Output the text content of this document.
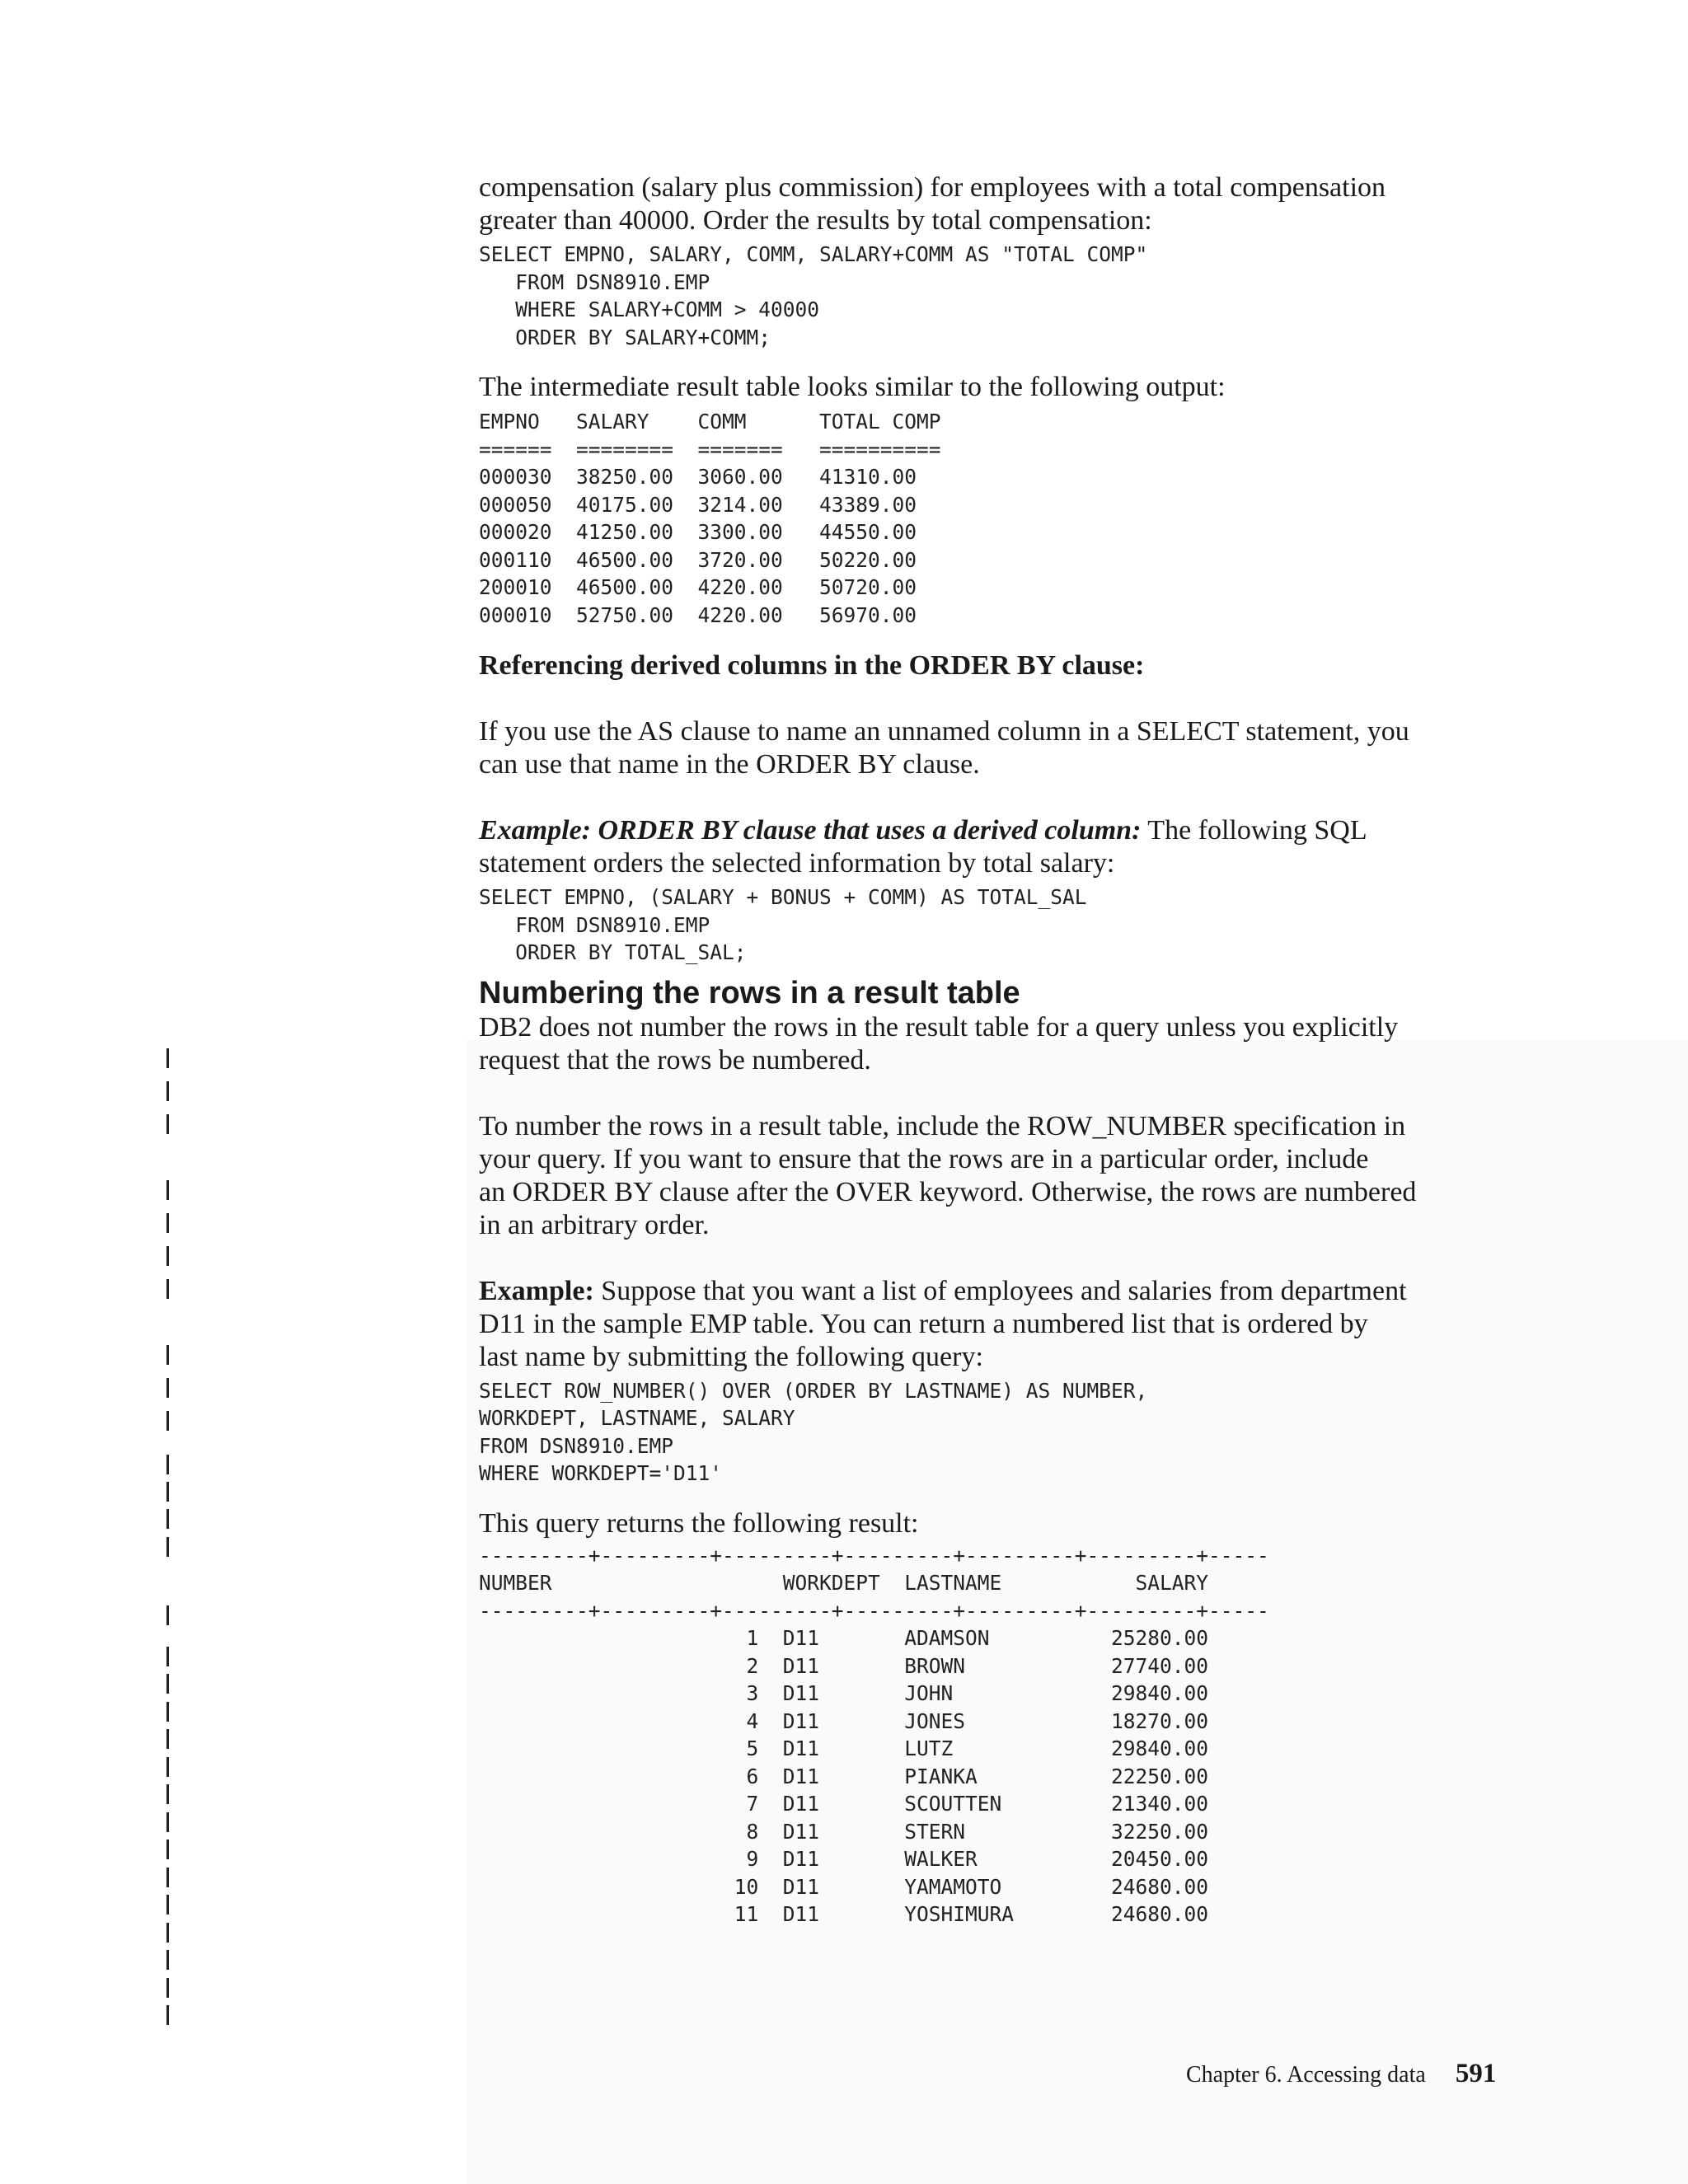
compensation (salary plus commission) for employees with a total compensation

greater than 40000. Order the results by total compensation:

SELECT EMPNO, SALARY, COMM, SALARY+COMM AS "TOTAL COMP"
FROM DSN8910.EMP
WHERE SALARY+COMM > 40000
ORDER BY SALARY+COMM;

The intermediate result table looks similar to the following output:

EMPNO   SALARY    COMM      TOTAL COMP
======  ========  =======   ==========
000030  38250.00  3060.00   41310.00
000050  40175.00  3214.00   43389.00
000020  41250.00  3300.00   44550.00
000110  46500.00  3720.00   50220.00
200010  46500.00  4220.00   50720.00
000010  52750.00  4220.00   56970.00

Referencing derived columns in the ORDER BY clause:

If you use the AS clause to name an unnamed column in a SELECT statement, you

can use that name in the ORDER BY clause.

Example: ORDER BY clause that uses a derived column: The following SQL

statement orders the selected information by total salary:

SELECT EMPNO, (SALARY + BONUS + COMM) AS TOTAL_SAL
FROM DSN8910.EMP
ORDER BY TOTAL_SAL;
Numbering the rows in a result table

DB2 does not number the rows in the result table for a query unless you explicitly

request that the rows be numbered.

To number the rows in a result table, include the ROW_NUMBER specification in

your query. If you want to ensure that the rows are in a particular order, include

an ORDER BY clause after the OVER keyword. Otherwise, the rows are numbered

in an arbitrary order.

Example: Suppose that you want a list of employees and salaries from department

D11 in the sample EMP table. You can return a numbered list that is ordered by

last name by submitting the following query:

SELECT ROW_NUMBER() OVER (ORDER BY LASTNAME) AS NUMBER,
WORKDEPT, LASTNAME, SALARY
FROM DSN8910.EMP
WHERE WORKDEPT='D11'

This query returns the following result:

---------+---------+---------+---------+---------+---------+-----
NUMBER                   WORKDEPT  LASTNAME           SALARY
---------+---------+---------+---------+---------+---------+-----
1  D11       ADAMSON          25280.00
2  D11       BROWN            27740.00
3  D11       JOHN             29840.00
4  D11       JONES            18270.00
5  D11       LUTZ             29840.00
6  D11       PIANKA           22250.00
7  D11       SCOUTTEN         21340.00
8  D11       STERN            32250.00
9  D11       WALKER           20450.00
10  D11       YAMAMOTO         24680.00
11  D11       YOSHIMURA        24680.00
Chapter 6. Accessing data 591
